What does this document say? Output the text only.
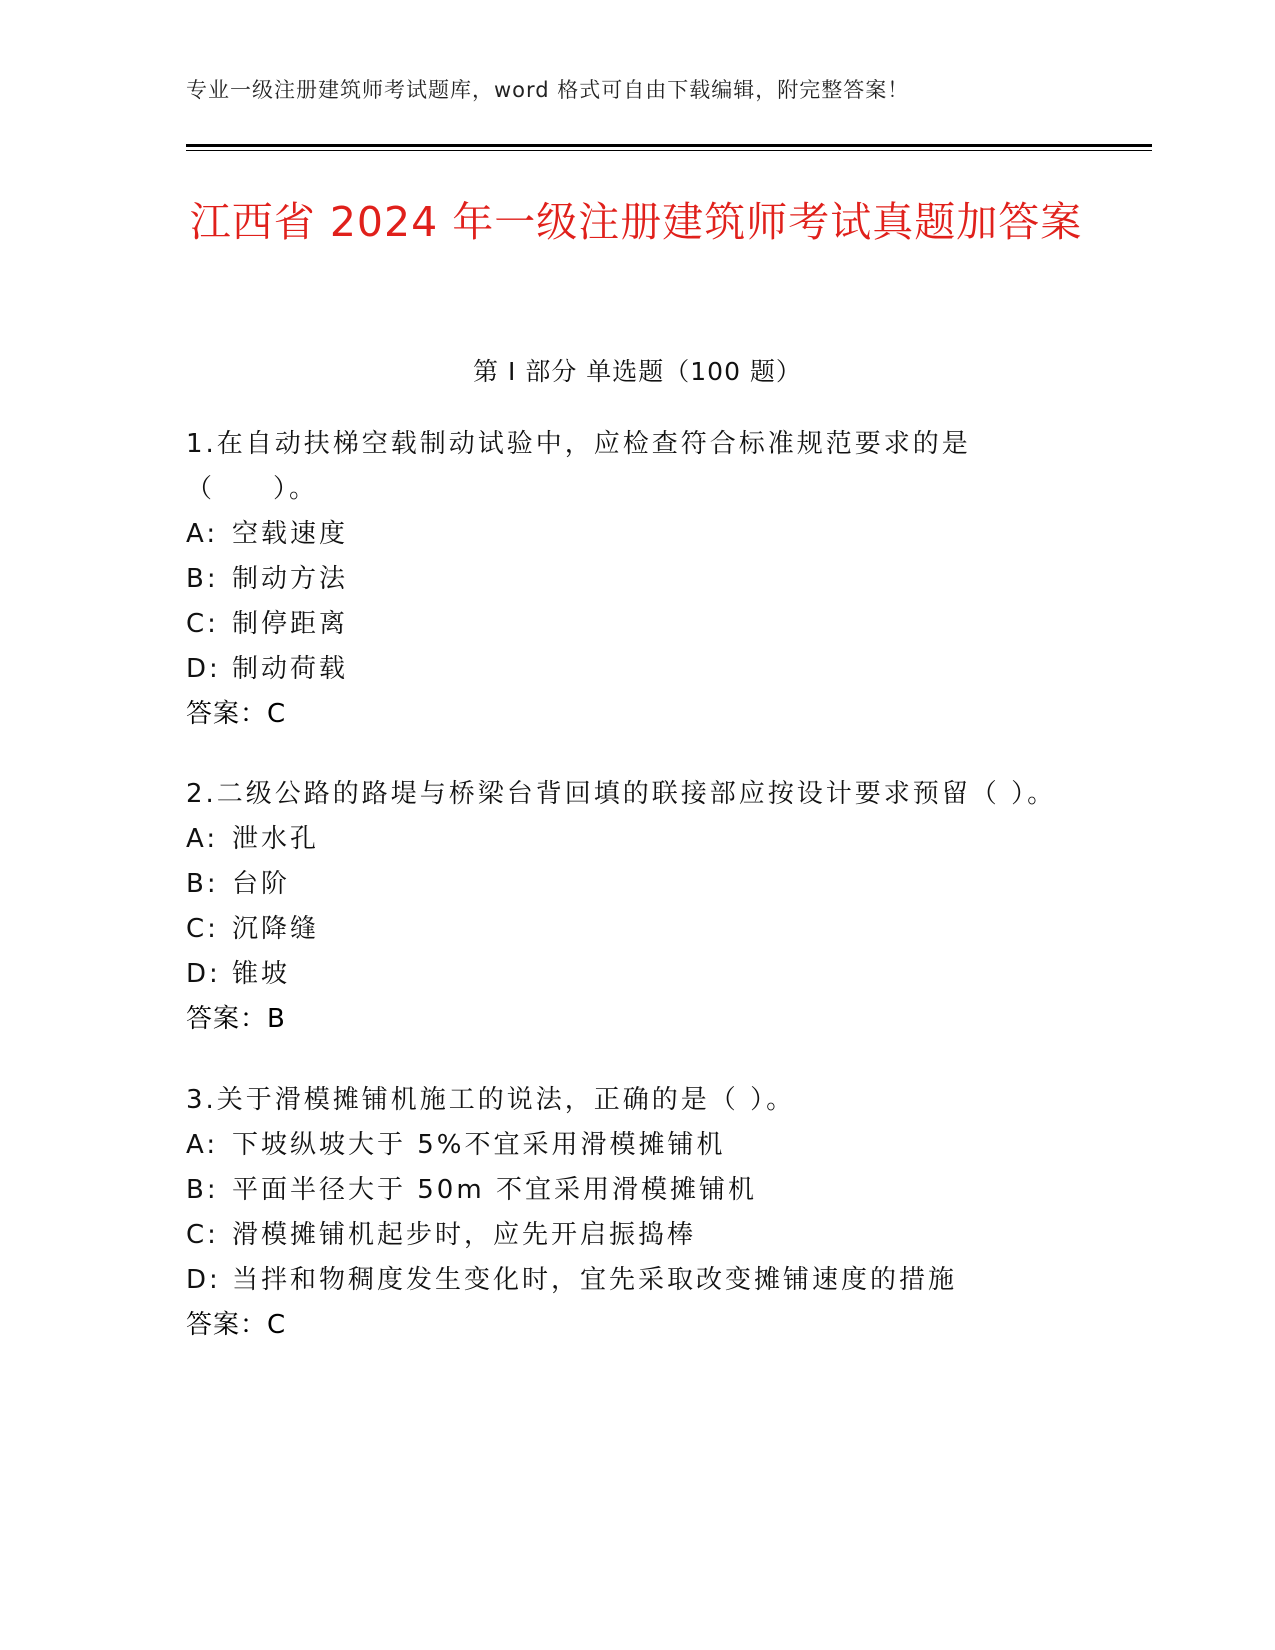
专业一级注册建筑师考试题库，word 格式可自由下载编辑，附完整答案！
江西省 2024 年一级注册建筑师考试真题加答案
第 I 部分 单选题（100 题）
1.在自动扶梯空载制动试验中，应检查符合标准规范要求的是（　　）。
A: 空载速度
B: 制动方法
C: 制停距离
D: 制动荷载
答案：C
2.二级公路的路堤与桥梁台背回填的联接部应按设计要求预留（ ）。
A: 泄水孔
B: 台阶
C: 沉降缝
D: 锥坡
答案：B
3.关于滑模摊铺机施工的说法，正确的是（ ）。
A: 下坡纵坡大于 5%不宜采用滑模摊铺机
B: 平面半径大于 50m 不宜采用滑模摊铺机
C: 滑模摊铺机起步时，应先开启振捣棒
D: 当拌和物稠度发生变化时，宜先采取改变摊铺速度的措施
答案：C
